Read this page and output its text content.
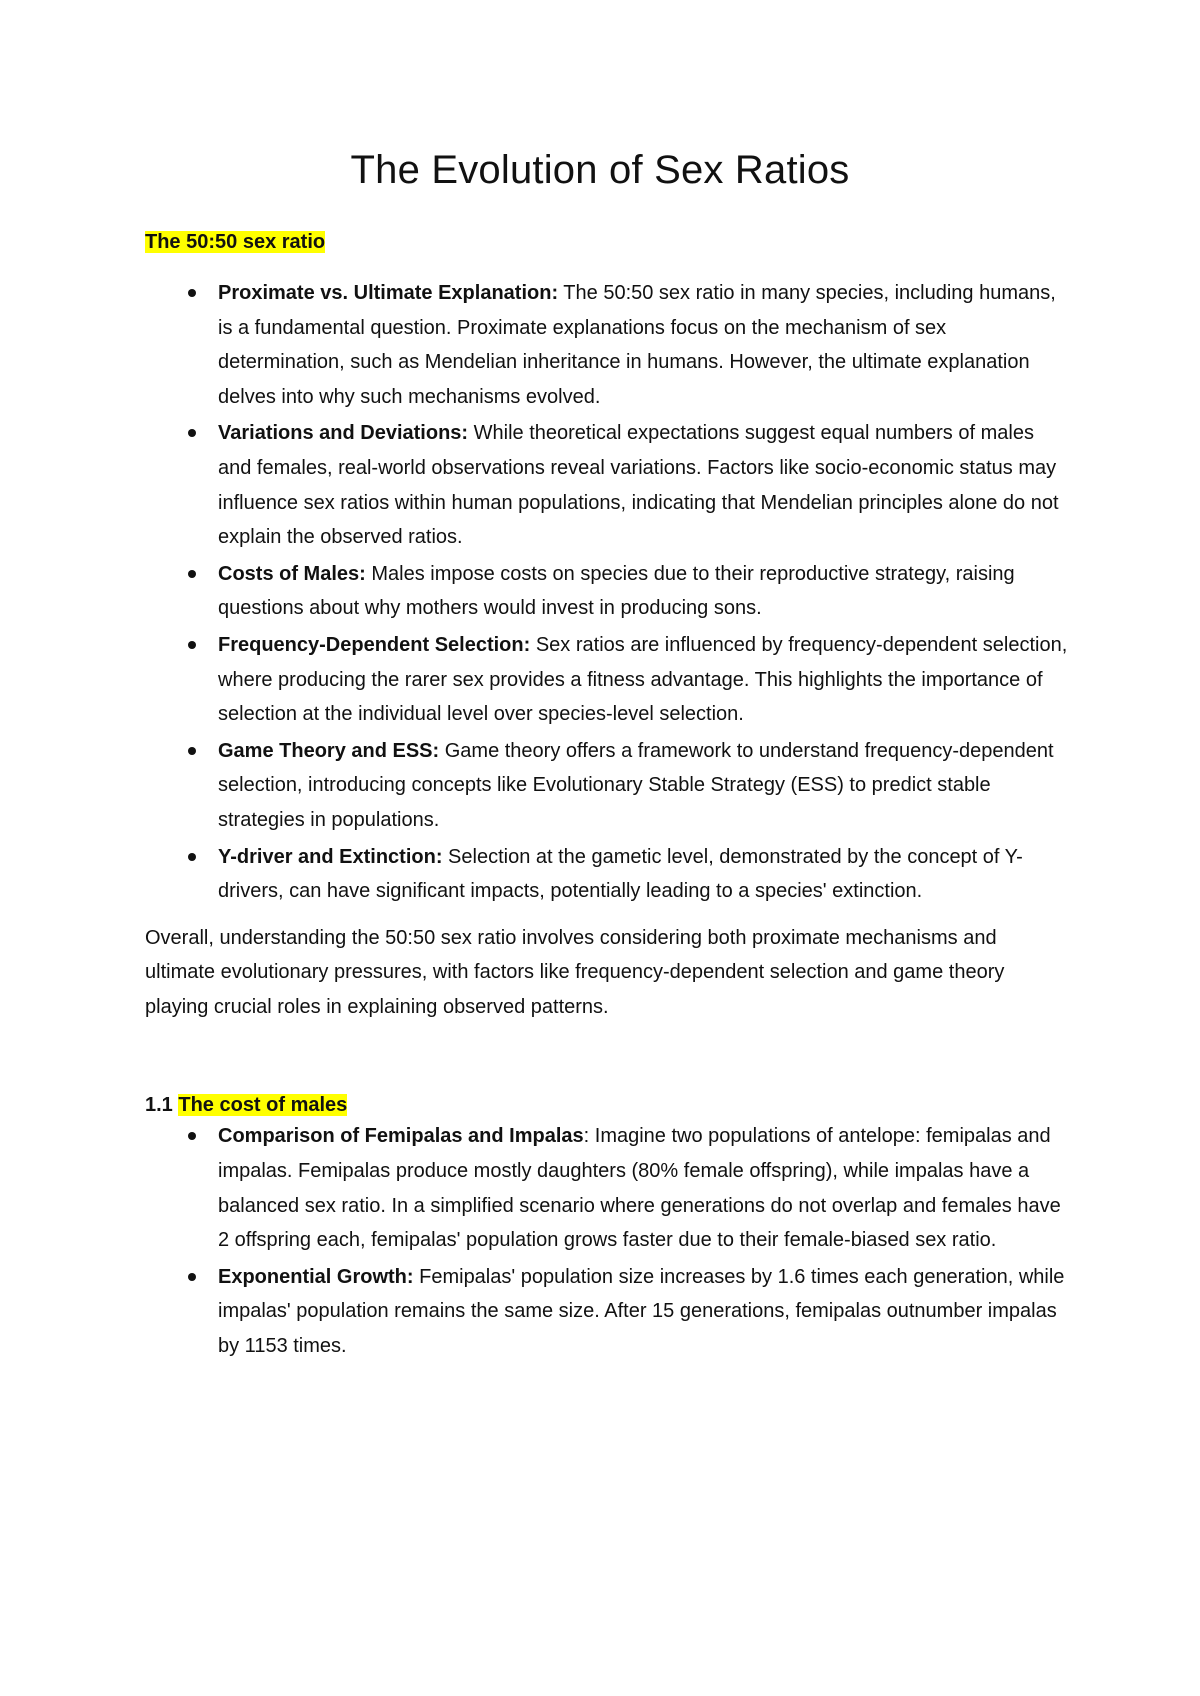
The Evolution of Sex Ratios
The 50:50 sex ratio
Proximate vs. Ultimate Explanation: The 50:50 sex ratio in many species, including humans, is a fundamental question. Proximate explanations focus on the mechanism of sex determination, such as Mendelian inheritance in humans. However, the ultimate explanation delves into why such mechanisms evolved.
Variations and Deviations: While theoretical expectations suggest equal numbers of males and females, real-world observations reveal variations. Factors like socio-economic status may influence sex ratios within human populations, indicating that Mendelian principles alone do not explain the observed ratios.
Costs of Males: Males impose costs on species due to their reproductive strategy, raising questions about why mothers would invest in producing sons.
Frequency-Dependent Selection: Sex ratios are influenced by frequency-dependent selection, where producing the rarer sex provides a fitness advantage. This highlights the importance of selection at the individual level over species-level selection.
Game Theory and ESS: Game theory offers a framework to understand frequency-dependent selection, introducing concepts like Evolutionary Stable Strategy (ESS) to predict stable strategies in populations.
Y-driver and Extinction: Selection at the gametic level, demonstrated by the concept of Y-drivers, can have significant impacts, potentially leading to a species' extinction.

Overall, understanding the 50:50 sex ratio involves considering both proximate mechanisms and ultimate evolutionary pressures, with factors like frequency-dependent selection and game theory playing crucial roles in explaining observed patterns.

1.1 The cost of males
Comparison of Femipalas and Impalas: Imagine two populations of antelope: femipalas and impalas. Femipalas produce mostly daughters (80% female offspring), while impalas have a balanced sex ratio. In a simplified scenario where generations do not overlap and females have 2 offspring each, femipalas' population grows faster due to their female-biased sex ratio.
Exponential Growth: Femipalas' population size increases by 1.6 times each generation, while impalas' population remains the same size. After 15 generations, femipalas outnumber impalas by 1153 times.
